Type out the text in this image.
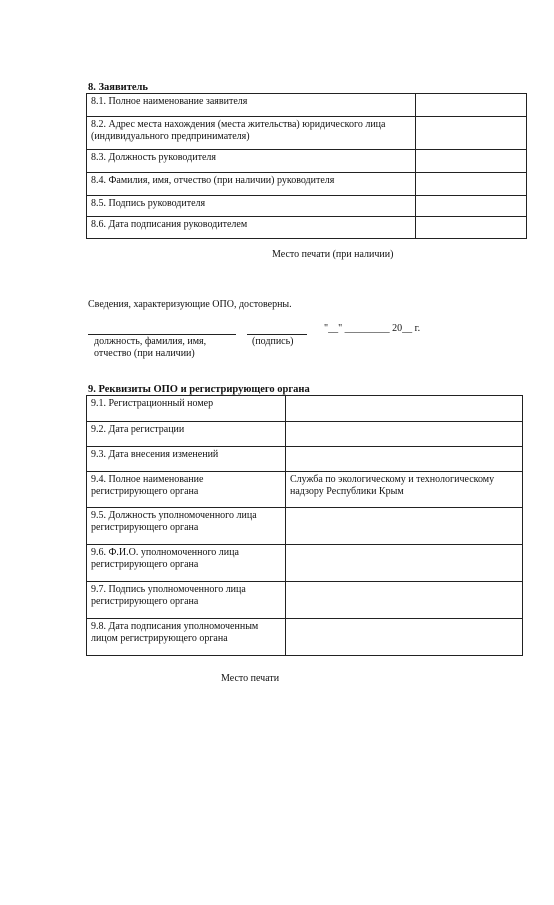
8. Заявитель
8.1. Полное наименование заявителя	
8.2. Адрес места нахождения (места жительства) юридического лица (индивидуального предпринимателя)	
8.3. Должность руководителя	
8.4. Фамилия, имя, отчество (при наличии) руководителя	
8.5. Подпись руководителя	
8.6. Дата подписания руководителем	
Место печати (при наличии)
Сведения, характеризующие ОПО, достоверны.
"__" _________ 20__ г.
должность, фамилия, имя,
отчество (при наличии)
(подпись)
9. Реквизиты ОПО и регистрирующего органа
9.1. Регистрационный номер	
9.2. Дата регистрации	
9.3. Дата внесения изменений	
9.4. Полное наименование регистрирующего органа	Служба по экологическому и технологическому надзору Республики Крым
9.5. Должность уполномоченного лица регистрирующего органа	
9.6. Ф.И.О. уполномоченного лица регистрирующего органа	
9.7. Подпись уполномоченного лица регистрирующего органа	
9.8. Дата подписания уполномоченным лицом регистрирующего органа	
Место печати
